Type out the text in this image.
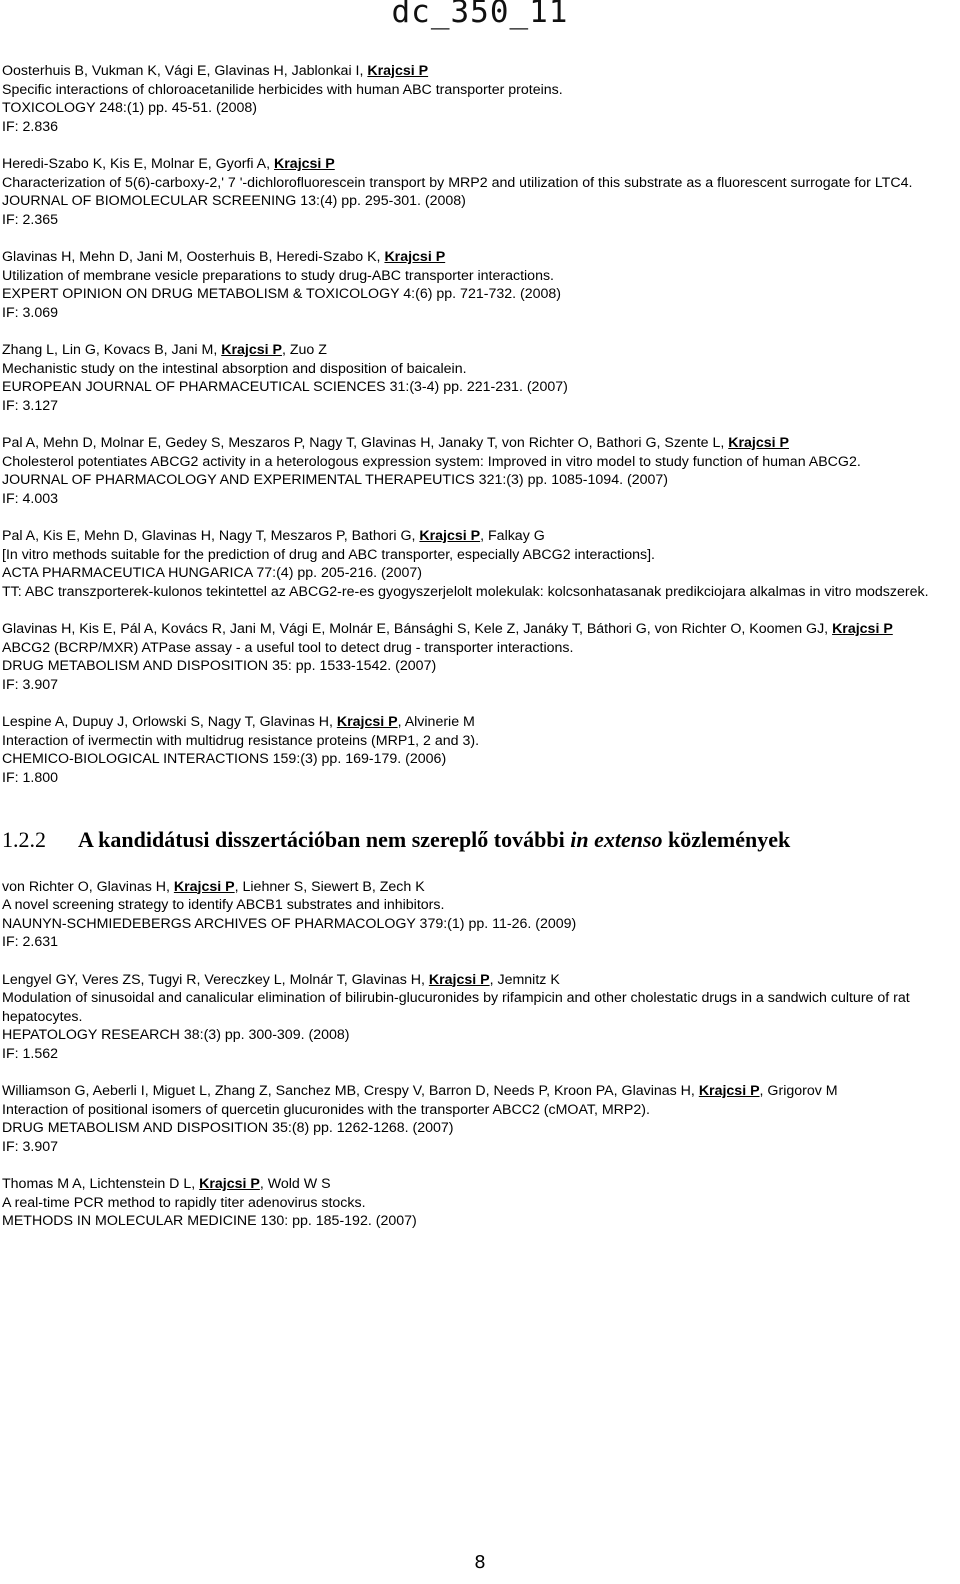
dc_350_11
Oosterhuis B, Vukman K, Vági E, Glavinas H, Jablonkai I, Krajcsi P
Specific interactions of chloroacetanilide herbicides with human ABC transporter proteins.
TOXICOLOGY 248:(1) pp. 45-51. (2008)
IF: 2.836
Heredi-Szabo K, Kis E, Molnar E, Gyorfi A, Krajcsi P
Characterization of 5(6)-carboxy-2,' 7 '-dichlorofluorescein transport by MRP2 and utilization of this substrate as a fluorescent surrogate for LTC4.
JOURNAL OF BIOMOLECULAR SCREENING 13:(4) pp. 295-301. (2008)
IF: 2.365
Glavinas H, Mehn D, Jani M, Oosterhuis B, Heredi-Szabo K, Krajcsi P
Utilization of membrane vesicle preparations to study drug-ABC transporter interactions.
EXPERT OPINION ON DRUG METABOLISM & TOXICOLOGY 4:(6) pp. 721-732. (2008)
IF: 3.069
Zhang L, Lin G, Kovacs B, Jani M, Krajcsi P, Zuo Z
Mechanistic study on the intestinal absorption and disposition of baicalein.
EUROPEAN JOURNAL OF PHARMACEUTICAL SCIENCES 31:(3-4) pp. 221-231. (2007)
IF: 3.127
Pal A, Mehn D, Molnar E, Gedey S, Meszaros P, Nagy T, Glavinas H, Janaky T, von Richter O, Bathori G, Szente L, Krajcsi P
Cholesterol potentiates ABCG2 activity in a heterologous expression system: Improved in vitro model to study function of human ABCG2.
JOURNAL OF PHARMACOLOGY AND EXPERIMENTAL THERAPEUTICS 321:(3) pp. 1085-1094. (2007)
IF: 4.003
Pal A, Kis E, Mehn D, Glavinas H, Nagy T, Meszaros P, Bathori G, Krajcsi P, Falkay G
[In vitro methods suitable for the prediction of drug and ABC transporter, especially ABCG2 interactions].
ACTA PHARMACEUTICA HUNGARICA 77:(4) pp. 205-216. (2007)
TT: ABC transzporterek-kulonos tekintettel az ABCG2-re-es gyogyszerjelolt molekulak: kolcsonhatasanak predikciojara alkalmas in vitro modszerek.
Glavinas H, Kis E, Pál A, Kovács R, Jani M, Vági E, Molnár E, Bánsághi S, Kele Z, Janáky T, Báthori G, von Richter O, Koomen GJ, Krajcsi P
ABCG2 (BCRP/MXR) ATPase assay - a useful tool to detect drug - transporter interactions.
DRUG METABOLISM AND DISPOSITION 35: pp. 1533-1542. (2007)
IF: 3.907
Lespine A, Dupuy J, Orlowski S, Nagy T, Glavinas H, Krajcsi P, Alvinerie M
Interaction of ivermectin with multidrug resistance proteins (MRP1, 2 and 3).
CHEMICO-BIOLOGICAL INTERACTIONS 159:(3) pp. 169-179. (2006)
IF: 1.800
1.2.2 A kandidátusi disszertációban nem szereplő további in extenso közlemények
von Richter O, Glavinas H, Krajcsi P, Liehner S, Siewert B, Zech K
A novel screening strategy to identify ABCB1 substrates and inhibitors.
NAUNYN-SCHMIEDEBERGS ARCHIVES OF PHARMACOLOGY 379:(1) pp. 11-26. (2009)
IF: 2.631
Lengyel GY, Veres ZS, Tugyi R, Vereczkey L, Molnár T, Glavinas H, Krajcsi P, Jemnitz K
Modulation of sinusoidal and canalicular elimination of bilirubin-glucuronides by rifampicin and other cholestatic drugs in a sandwich culture of rat hepatocytes.
HEPATOLOGY RESEARCH 38:(3) pp. 300-309. (2008)
IF: 1.562
Williamson G, Aeberli I, Miguet L, Zhang Z, Sanchez MB, Crespy V, Barron D, Needs P, Kroon PA, Glavinas H, Krajcsi P, Grigorov M
Interaction of positional isomers of quercetin glucuronides with the transporter ABCC2 (cMOAT, MRP2).
DRUG METABOLISM AND DISPOSITION 35:(8) pp. 1262-1268. (2007)
IF: 3.907
Thomas M A, Lichtenstein D L, Krajcsi P, Wold W S
A real-time PCR method to rapidly titer adenovirus stocks.
METHODS IN MOLECULAR MEDICINE 130: pp. 185-192. (2007)
8
